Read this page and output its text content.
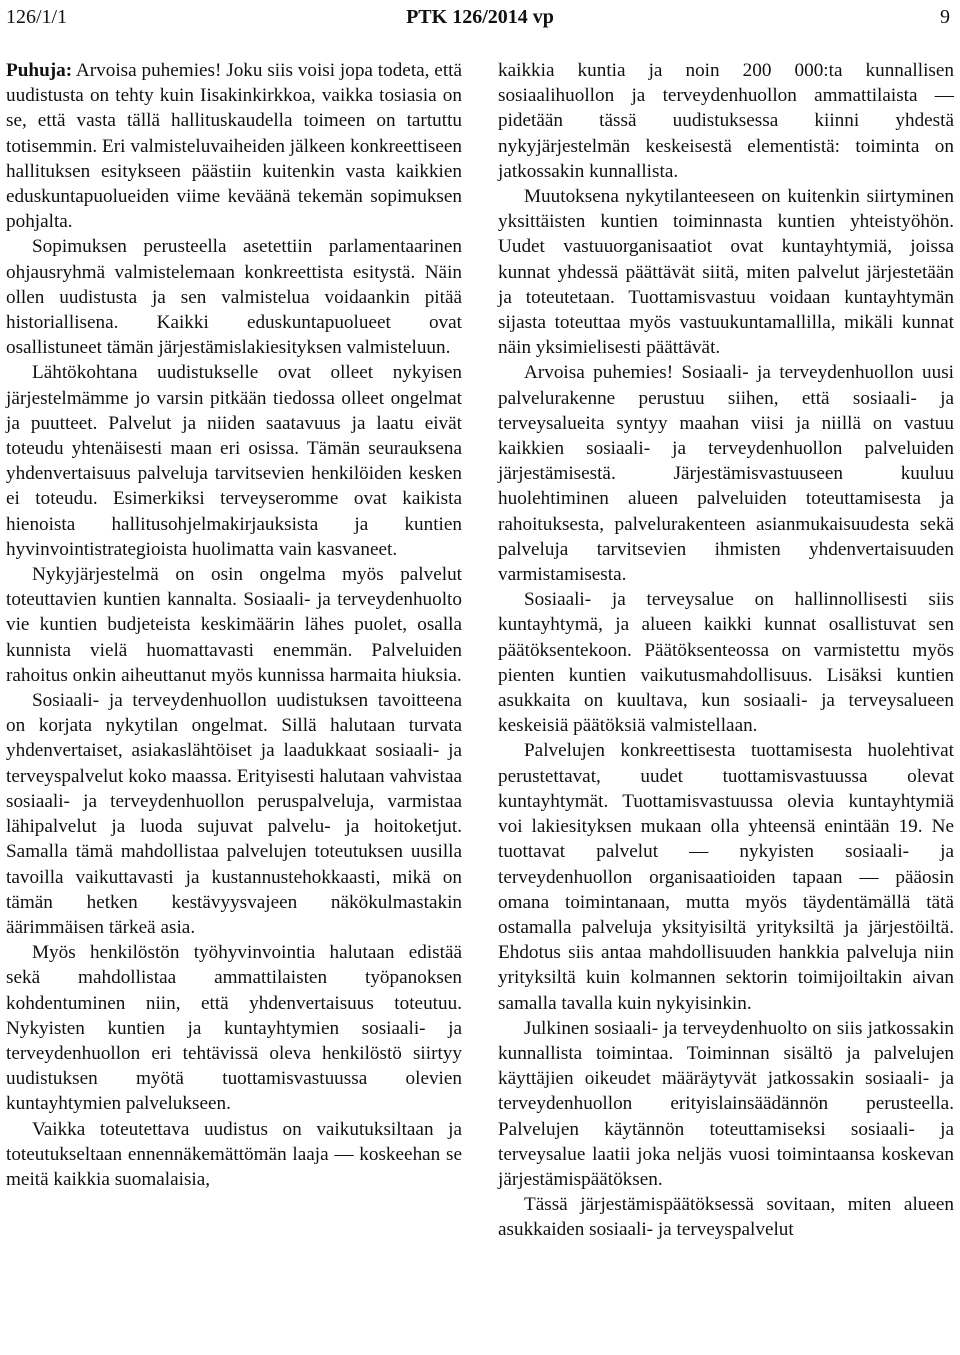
126/1/1	PTK 126/2014 vp	9

Puhuja: Arvoisa puhemies! Joku siis voisi jopa todeta, että uudistusta on tehty kuin Iisakinkirkkoa, vaikka tosiasia on se, että vasta tällä hallituskaudella toimeen on tartuttu totisemmin. Eri valmisteluvaiheiden jälkeen konkreettiseen hallituksen esitykseen päästiin kuitenkin vasta kaikkien eduskuntapuolueiden viime keväänä tekemän sopimuksen pohjalta.

Sopimuksen perusteella asetettiin parlamentaarinen ohjausryhmä valmistelemaan konkreettista esitystä. Näin ollen uudistusta ja sen valmistelua voidaankin pitää historiallisena. Kaikki eduskuntapuolueet ovat osallistuneet tämän järjestämislakiesityksen valmisteluun.

Lähtökohtana uudistukselle ovat olleet nykyisen järjestelmämme jo varsin pitkään tiedossa olleet ongelmat ja puutteet. Palvelut ja niiden saatavuus ja laatu eivät toteudu yhtenäisesti maan eri osissa. Tämän seurauksena yhdenvertaisuus palveluja tarvitsevien henkilöiden kesken ei toteudu. Esimerkiksi terveyseromme ovat kaikista hienoista hallitusohjelmakirjauksista ja kuntien hyvinvointistrategioista huolimatta vain kasvaneet.

Nykyjärjestelmä on osin ongelma myös palvelut toteuttavien kuntien kannalta. Sosiaali- ja terveydenhuolto vie kuntien budjeteista keskimäärin lähes puolet, osalla kunnista vielä huomattavasti enemmän. Palveluiden rahoitus onkin aiheuttanut myös kunnissa harmaita hiuksia.

Sosiaali- ja terveydenhuollon uudistuksen tavoitteena on korjata nykytilan ongelmat. Sillä halutaan turvata yhdenvertaiset, asiakaslähtöiset ja laadukkaat sosiaali- ja terveyspalvelut koko maassa. Erityisesti halutaan vahvistaa sosiaali- ja terveydenhuollon peruspalveluja, varmistaa lähipalvelut ja luoda sujuvat palvelu- ja hoitoketjut. Samalla tämä mahdollistaa palvelujen toteutuksen uusilla tavoilla vaikuttavasti ja kustannustehokkaasti, mikä on tämän hetken kestävyysvajeen näkökulmastakin äärimmäisen tärkeä asia.

Myös henkilöstön työhyvinvointia halutaan edistää sekä mahdollistaa ammattilaisten työpanoksen kohdentuminen niin, että yhdenvertaisuus toteutuu. Nykyisten kuntien ja kuntayhtymien sosiaali- ja terveydenhuollon eri tehtävissä oleva henkilöstö siirtyy uudistuksen myötä tuottamisvastuussa olevien kuntayhtymien palvelukseen.

Vaikka toteutettava uudistus on vaikutuksiltaan ja toteutukseltaan ennennäkemättömän laaja — koskeehan se meitä kaikkia suomalaisia,

kaikkia kuntia ja noin 200 000:ta kunnallisen sosiaalihuollon ja terveydenhuollon ammattilaista — pidetään tässä uudistuksessa kiinni yhdestä nykyjärjestelmän keskeisestä elementistä: toiminta on jatkossakin kunnallista.

Muutoksena nykytilanteeseen on kuitenkin siirtyminen yksittäisten kuntien toiminnasta kuntien yhteistyöhön. Uudet vastuuorganisaatiot ovat kuntayhtymiä, joissa kunnat yhdessä päättävät siitä, miten palvelut järjestetään ja toteutetaan. Tuottamisvastuu voidaan kuntayhtymän sijasta toteuttaa myös vastuukuntamallilla, mikäli kunnat näin yksimielisesti päättävät.

Arvoisa puhemies! Sosiaali- ja terveydenhuollon uusi palvelurakenne perustuu siihen, että sosiaali- ja terveysalueita syntyy maahan viisi ja niillä on vastuu kaikkien sosiaali- ja terveydenhuollon palveluiden järjestämisestä. Järjestämisvastuuseen kuuluu huolehtiminen alueen palveluiden toteuttamisesta ja rahoituksesta, palvelurakenteen asianmukaisuudesta sekä palveluja tarvitsevien ihmisten yhdenvertaisuuden varmistamisesta.

Sosiaali- ja terveysalue on hallinnollisesti siis kuntayhtymä, ja alueen kaikki kunnat osallistuvat sen päätöksentekoon. Päätöksenteossa on varmistettu myös pienten kuntien vaikutusmahdollisuus. Lisäksi kuntien asukkaita on kuultava, kun sosiaali- ja terveysalueen keskeisiä päätöksiä valmistellaan.

Palvelujen konkreettisesta tuottamisesta huolehtivat perustettavat, uudet tuottamisvastuussa olevat kuntayhtymät. Tuottamisvastuussa olevia kuntayhtymiä voi lakiesityksen mukaan olla yhteensä enintään 19. Ne tuottavat palvelut — nykyisten sosiaali- ja terveydenhuollon organisaatioiden tapaan — pääosin omana toimintanaan, mutta myös täydentämällä tätä ostamalla palveluja yksityisiltä yrityksiltä ja järjestöiltä. Ehdotus siis antaa mahdollisuuden hankkia palveluja niin yrityksiltä kuin kolmannen sektorin toimijoiltakin aivan samalla tavalla kuin nykyisinkin.

Julkinen sosiaali- ja terveydenhuolto on siis jatkossakin kunnallista toimintaa. Toiminnan sisältö ja palvelujen käyttäjien oikeudet määräytyvät jatkossakin sosiaali- ja terveydenhuollon erityislainsäädännön perusteella. Palvelujen käytännön toteuttamiseksi sosiaali- ja terveysalue laatii joka neljäs vuosi toimintaansa koskevan järjestämispäätöksen.

Tässä järjestämispäätöksessä sovitaan, miten alueen asukkaiden sosiaali- ja terveyspalvelut
